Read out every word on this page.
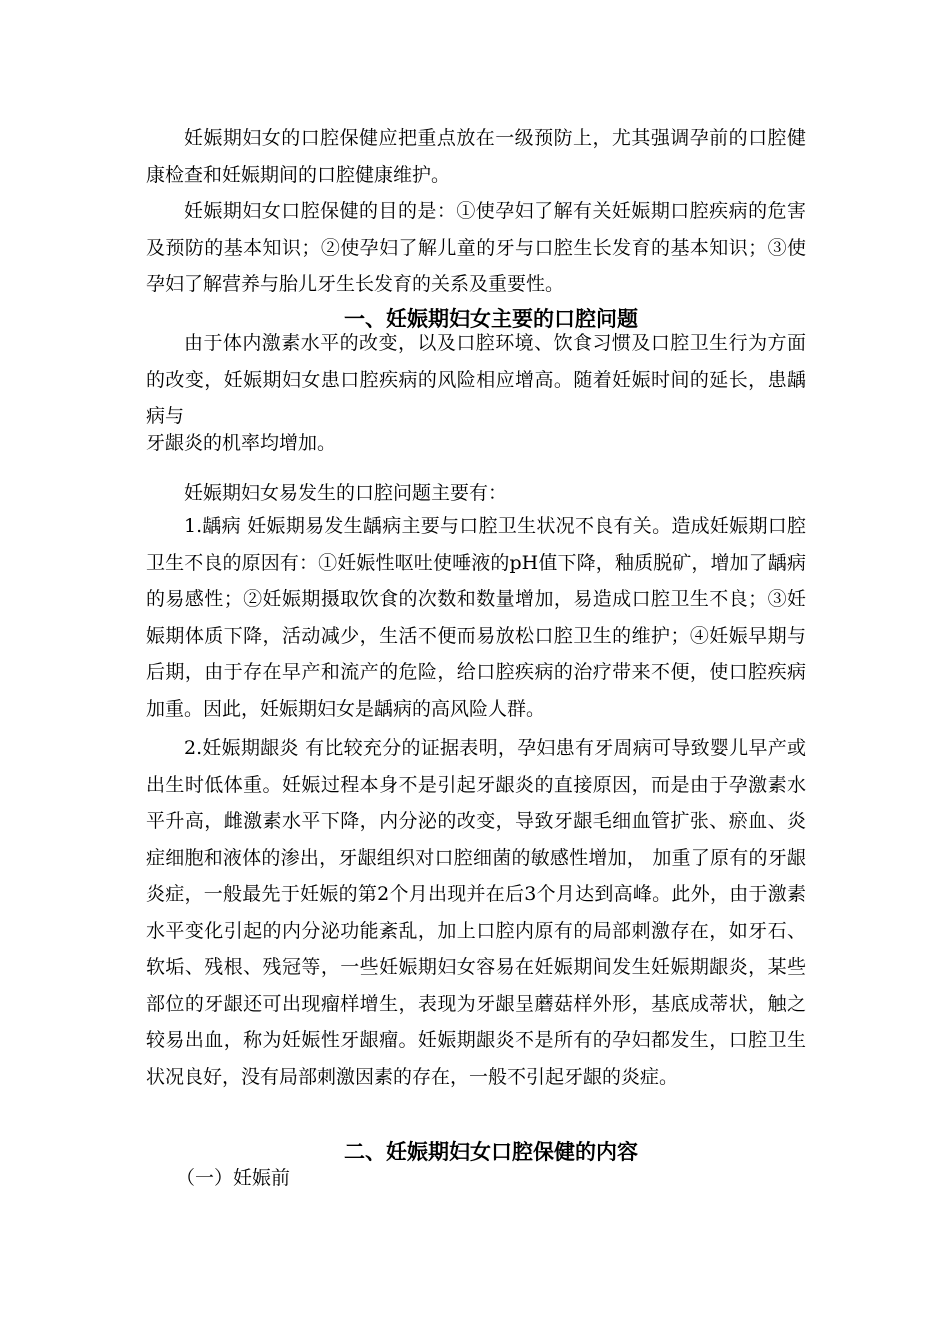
妊娠期妇女的口腔保健应把重点放在一级预防上，尤其强调孕前的口腔健康检查和妊娠期间的口腔健康维护。

妊娠期妇女口腔保健的目的是：①使孕妇了解有关妊娠期口腔疾病的危害及预防的基本知识；②使孕妇了解儿童的牙与口腔生长发育的基本知识；③使孕妇了解营养与胎儿牙生长发育的关系及重要性。

一、妊娠期妇女主要的口腔问题

由于体内激素水平的改变，以及口腔环境、饮食习惯及口腔卫生行为方面的改变，妊娠期妇女患口腔疾病的风险相应增高。随着妊娠时间的延长，患龋病与

牙龈炎的机率均增加。

妊娠期妇女易发生的口腔问题主要有：

1.龋病 妊娠期易发生龋病主要与口腔卫生状况不良有关。造成妊娠期口腔卫生不良的原因有：①妊娠性呕吐使唾液的pH值下降，釉质脱矿，增加了龋病的易感性；②妊娠期摄取饮食的次数和数量增加，易造成口腔卫生不良；③妊娠期体质下降，活动减少，生活不便而易放松口腔卫生的维护；④妊娠早期与后期，由于存在早产和流产的危险，给口腔疾病的治疗带来不便，使口腔疾病加重。因此，妊娠期妇女是龋病的高风险人群。

2.妊娠期龈炎 有比较充分的证据表明，孕妇患有牙周病可导致婴儿早产或出生时低体重。妊娠过程本身不是引起牙龈炎的直接原因，而是由于孕激素水平升高，雌激素水平下降，内分泌的改变，导致牙龈毛细血管扩张、瘀血、炎症细胞和液体的渗出，牙龈组织对口腔细菌的敏感性增加， 加重了原有的牙龈炎症，一般最先于妊娠的第2个月出现并在后3个月达到高峰。此外，由于激素水平变化引起的内分泌功能紊乱，加上口腔内原有的局部刺激存在，如牙石、软垢、残根、残冠等，一些妊娠期妇女容易在妊娠期间发生妊娠期龈炎，某些部位的牙龈还可出现瘤样增生，表现为牙龈呈蘑菇样外形，基底成蒂状，触之较易出血，称为妊娠性牙龈瘤。妊娠期龈炎不是所有的孕妇都发生，口腔卫生状况良好，没有局部刺激因素的存在，一般不引起牙龈的炎症。

二、妊娠期妇女口腔保健的内容

（一）妊娠前
